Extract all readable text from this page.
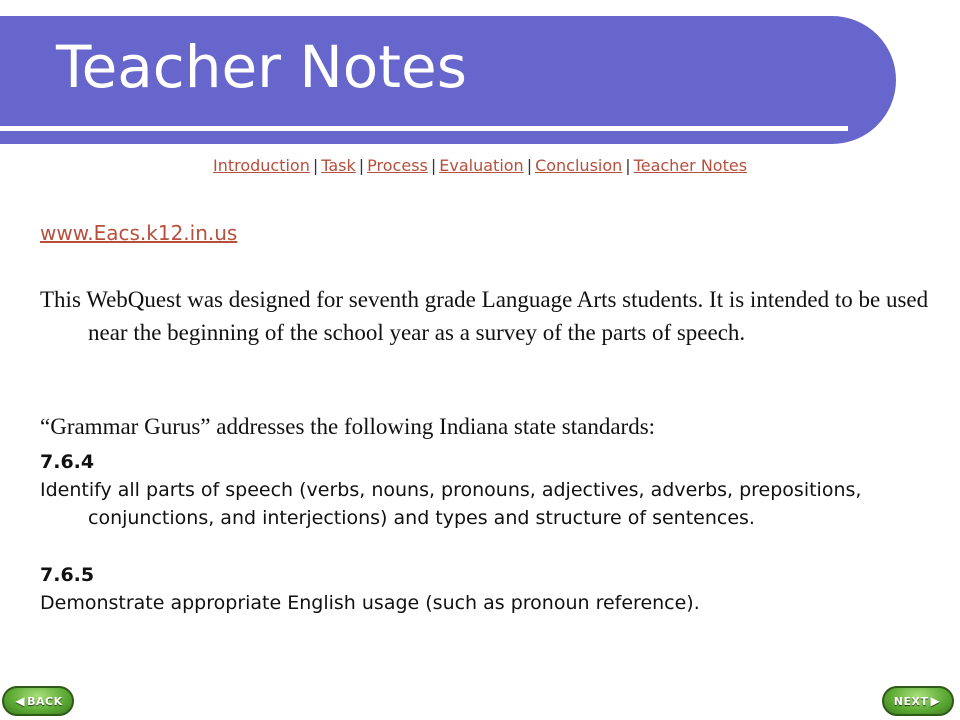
Teacher Notes
Introduction | Task | Process | Evaluation | Conclusion | Teacher Notes
www.Eacs.k12.in.us

This WebQuest was designed for seventh grade Language Arts students. It is intended to be used near the beginning of the school year as a survey of the parts of speech.

“Grammar Gurus” addresses the following Indiana state standards:

7.6.4

Identify all parts of speech (verbs, nouns, pronouns, adjectives, adverbs, prepositions, conjunctions, and interjections) and types and structure of sentences.

7.6.5

Demonstrate appropriate English usage (such as pronoun reference).

◀ BACK	NEXT ▶
